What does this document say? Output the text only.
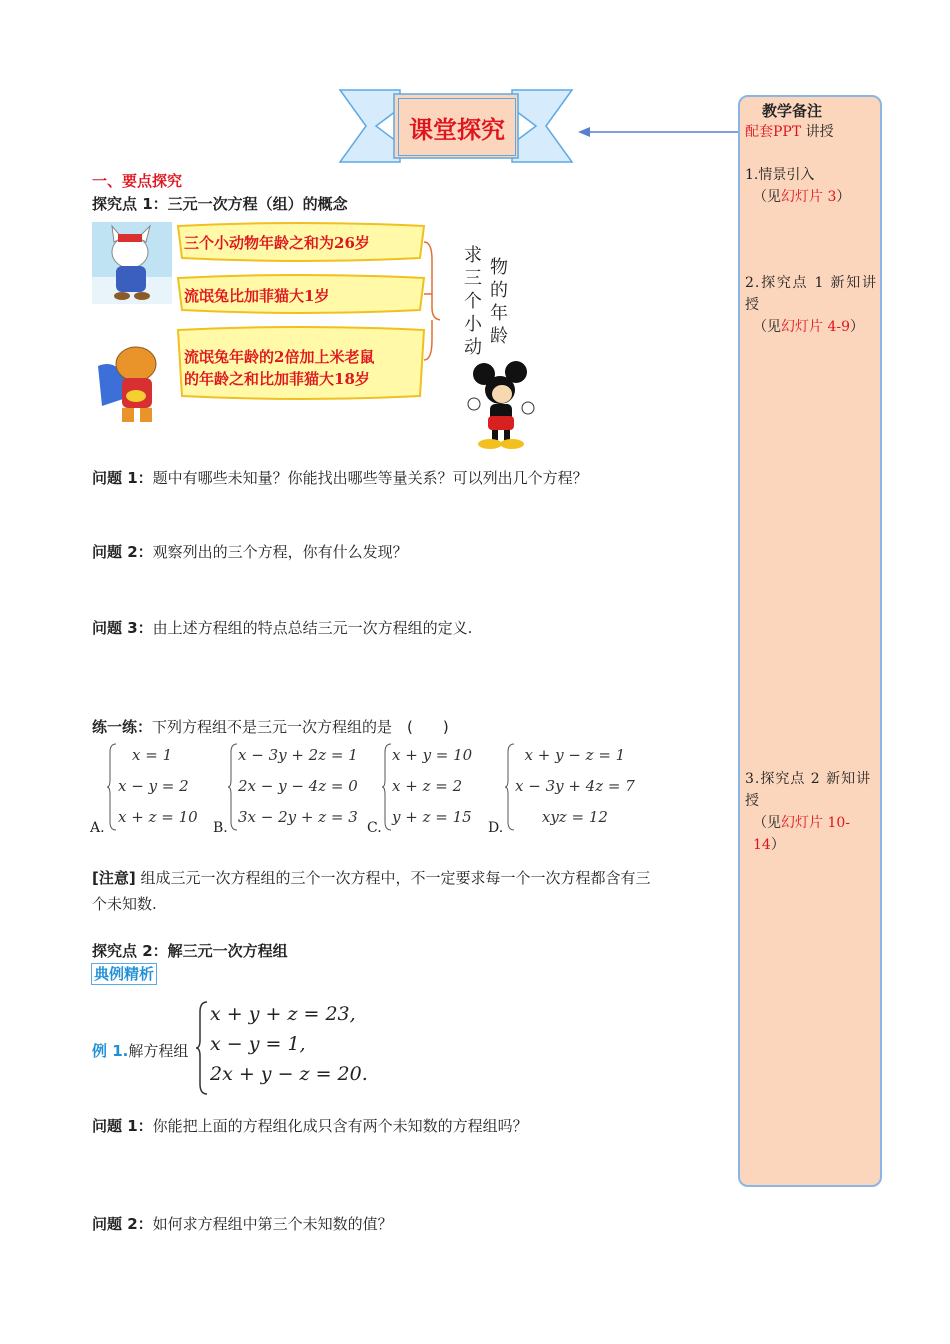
课堂探究
教学备注
配套PPT 讲授
1.情景引入
（见幻灯片 3）
2.探究点 1 新知讲授
（见幻灯片 4-9）
3.探究点 2 新知讲授
（见幻灯片 10-14）
一、要点探究
探究点 1：三元一次方程（组）的概念
三个小动物年龄之和为26岁
流氓兔比加菲猫大1岁
流氓兔年龄的2倍加上米老鼠
的年龄之和比加菲猫大18岁
求
三
个
小
动
物
的
年
龄
问题 1：题中有哪些未知量？你能找出哪些等量关系？可以列出几个方程？
问题 2：观察列出的三个方程，你有什么发现？
问题 3：由上述方程组的特点总结三元一次方程组的定义.
练一练：下列方程组不是三元一次方程组的是　(　　)
A.
x = 1
x − y = 2
x + z = 10
B.
x − 3y + 2z = 1
2x − y − 4z = 0
3x − 2y + z = 3
C.
x + y = 10
x + z = 2
y + z = 15
D.
x + y − z = 1
x − 3y + 4z = 7
xyz = 12
[注意] 组成三元一次方程组的三个一次方程中，不一定要求每一个一次方程都含有三
个未知数.
探究点 2：解三元一次方程组
典例精析
例 1.解方程组
x + y + z = 23,
x − y = 1,
2x + y − z = 20.
问题 1：你能把上面的方程组化成只含有两个未知数的方程组吗？
问题 2：如何求方程组中第三个未知数的值？
